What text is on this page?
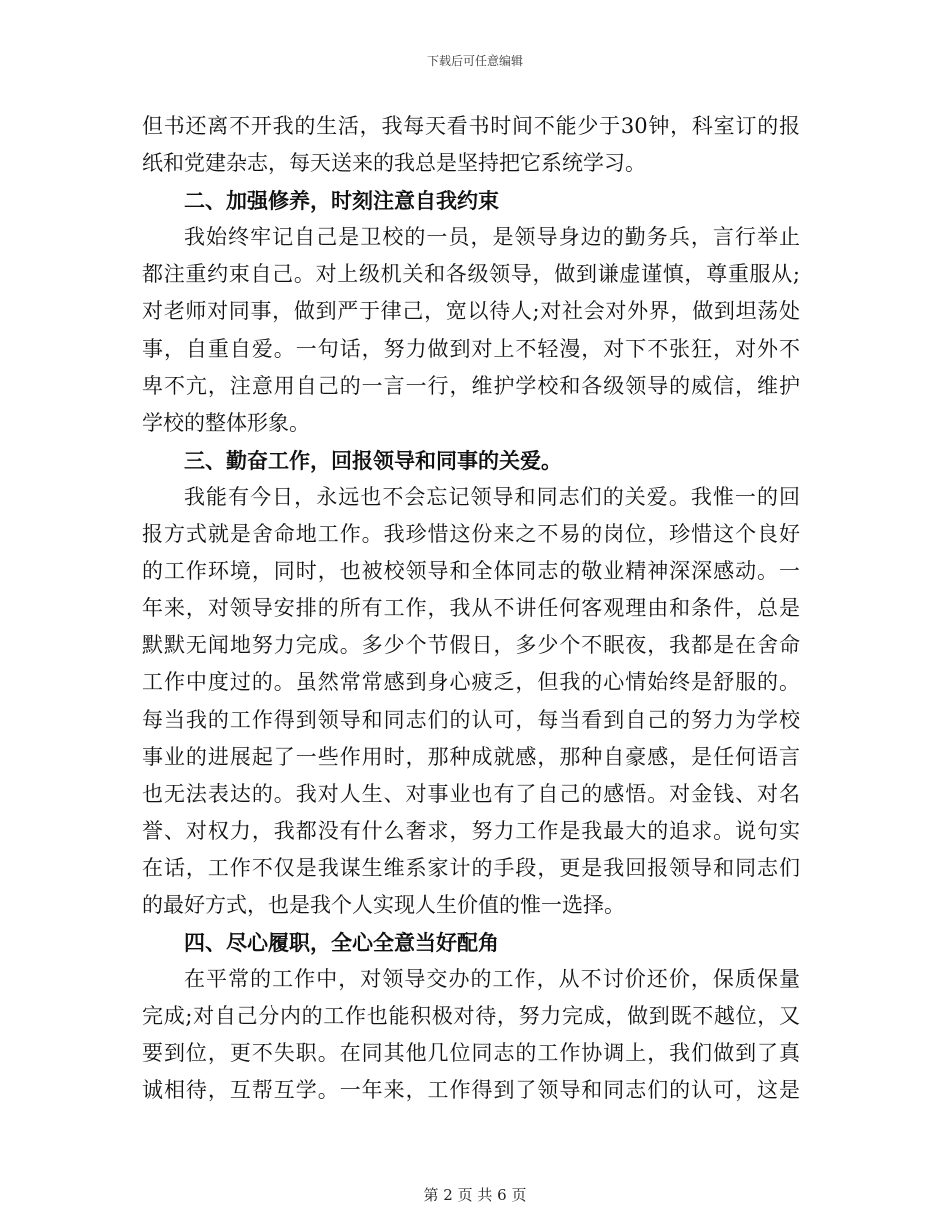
下载后可任意编辑
但书还离不开我的生活，我每天看书时间不能少于30钟，科室订的报
纸和党建杂志，每天送来的我总是坚持把它系统学习。
二、加强修养，时刻注意自我约束
我始终牢记自己是卫校的一员，是领导身边的勤务兵，言行举止
都注重约束自己。对上级机关和各级领导，做到谦虚谨慎，尊重服从;
对老师对同事，做到严于律己，宽以待人;对社会对外界，做到坦荡处
事，自重自爱。一句话，努力做到对上不轻漫，对下不张狂，对外不
卑不亢，注意用自己的一言一行，维护学校和各级领导的威信，维护
学校的整体形象。
三、勤奋工作，回报领导和同事的关爱。
我能有今日，永远也不会忘记领导和同志们的关爱。我惟一的回
报方式就是舍命地工作。我珍惜这份来之不易的岗位，珍惜这个良好
的工作环境，同时，也被校领导和全体同志的敬业精神深深感动。一
年来，对领导安排的所有工作，我从不讲任何客观理由和条件，总是
默默无闻地努力完成。多少个节假日，多少个不眠夜，我都是在舍命
工作中度过的。虽然常常感到身心疲乏，但我的心情始终是舒服的。
每当我的工作得到领导和同志们的认可，每当看到自己的努力为学校
事业的进展起了一些作用时，那种成就感，那种自豪感，是任何语言
也无法表达的。我对人生、对事业也有了自己的感悟。对金钱、对名
誉、对权力，我都没有什么奢求，努力工作是我最大的追求。说句实
在话，工作不仅是我谋生维系家计的手段，更是我回报领导和同志们
的最好方式，也是我个人实现人生价值的惟一选择。
四、尽心履职，全心全意当好配角
在平常的工作中，对领导交办的工作，从不讨价还价，保质保量
完成;对自己分内的工作也能积极对待，努力完成，做到既不越位，又
要到位，更不失职。在同其他几位同志的工作协调上，我们做到了真
诚相待，互帮互学。一年来，工作得到了领导和同志们的认可，这是
第 2 页 共 6 页
